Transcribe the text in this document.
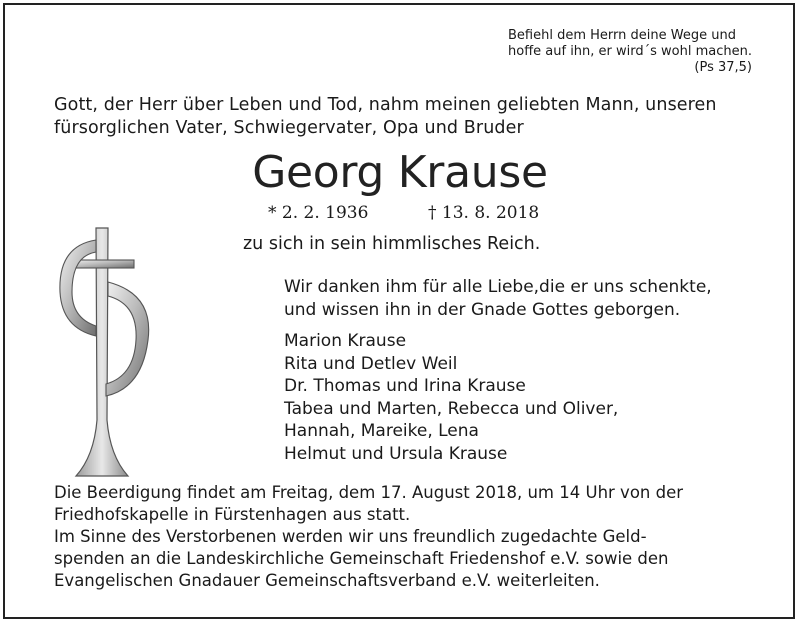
Befiehl dem Herrn deine Wege und
hoffe auf ihn, er wird´s wohl machen.
(Ps 37,5)
Gott, der Herr über Leben und Tod, nahm meinen geliebten Mann, unseren
fürsorglichen Vater, Schwiegervater, Opa und Bruder
Georg Krause
* 2. 2. 1936	† 13. 8. 2018
zu sich in sein himmlisches Reich.
Wir danken ihm für alle Liebe,die er uns schenkte,
und wissen ihn in der Gnade Gottes geborgen.
Marion Krause
Rita und Detlev Weil
Dr. Thomas und Irina Krause
Tabea und Marten, Rebecca und Oliver,
Hannah, Mareike, Lena
Helmut und Ursula Krause

Die Beerdigung findet am Freitag, dem 17. August 2018, um 14 Uhr von der

Friedhofskapelle in Fürstenhagen aus statt.

Im Sinne des Verstorbenen werden wir uns freundlich zugedachte Geld-

spenden an die Landeskirchliche Gemeinschaft Friedenshof e.V. sowie den

Evangelischen Gnadauer Gemeinschaftsverband e.V. weiterleiten.
